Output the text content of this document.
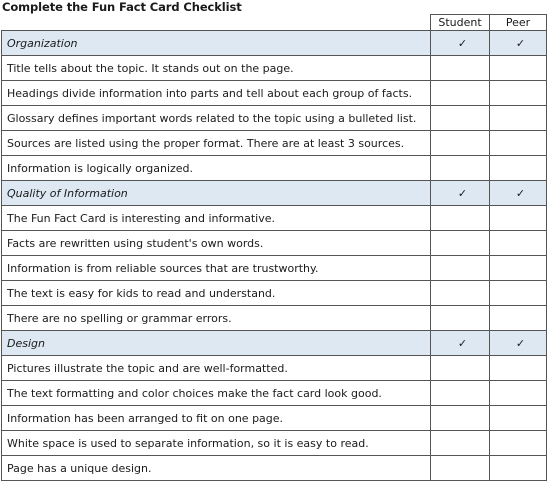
Complete the Fun Fact Card Checklist
	Student	Peer
Organization	✓	✓
Title tells about the topic. It stands out on the page.		
Headings divide information into parts and tell about each group of facts.		
Glossary defines important words related to the topic using a bulleted list.		
Sources are listed using the proper format. There are at least 3 sources.		
Information is logically organized.		
Quality of Information	✓	✓
The Fun Fact Card is interesting and informative.		
Facts are rewritten using student's own words.		
Information is from reliable sources that are trustworthy.		
The text is easy for kids to read and understand.		
There are no spelling or grammar errors.		
Design	✓	✓
Pictures illustrate the topic and are well-formatted.		
The text formatting and color choices make the fact card look good.		
Information has been arranged to fit on one page.		
White space is used to separate information, so it is easy to read.		
Page has a unique design.		
